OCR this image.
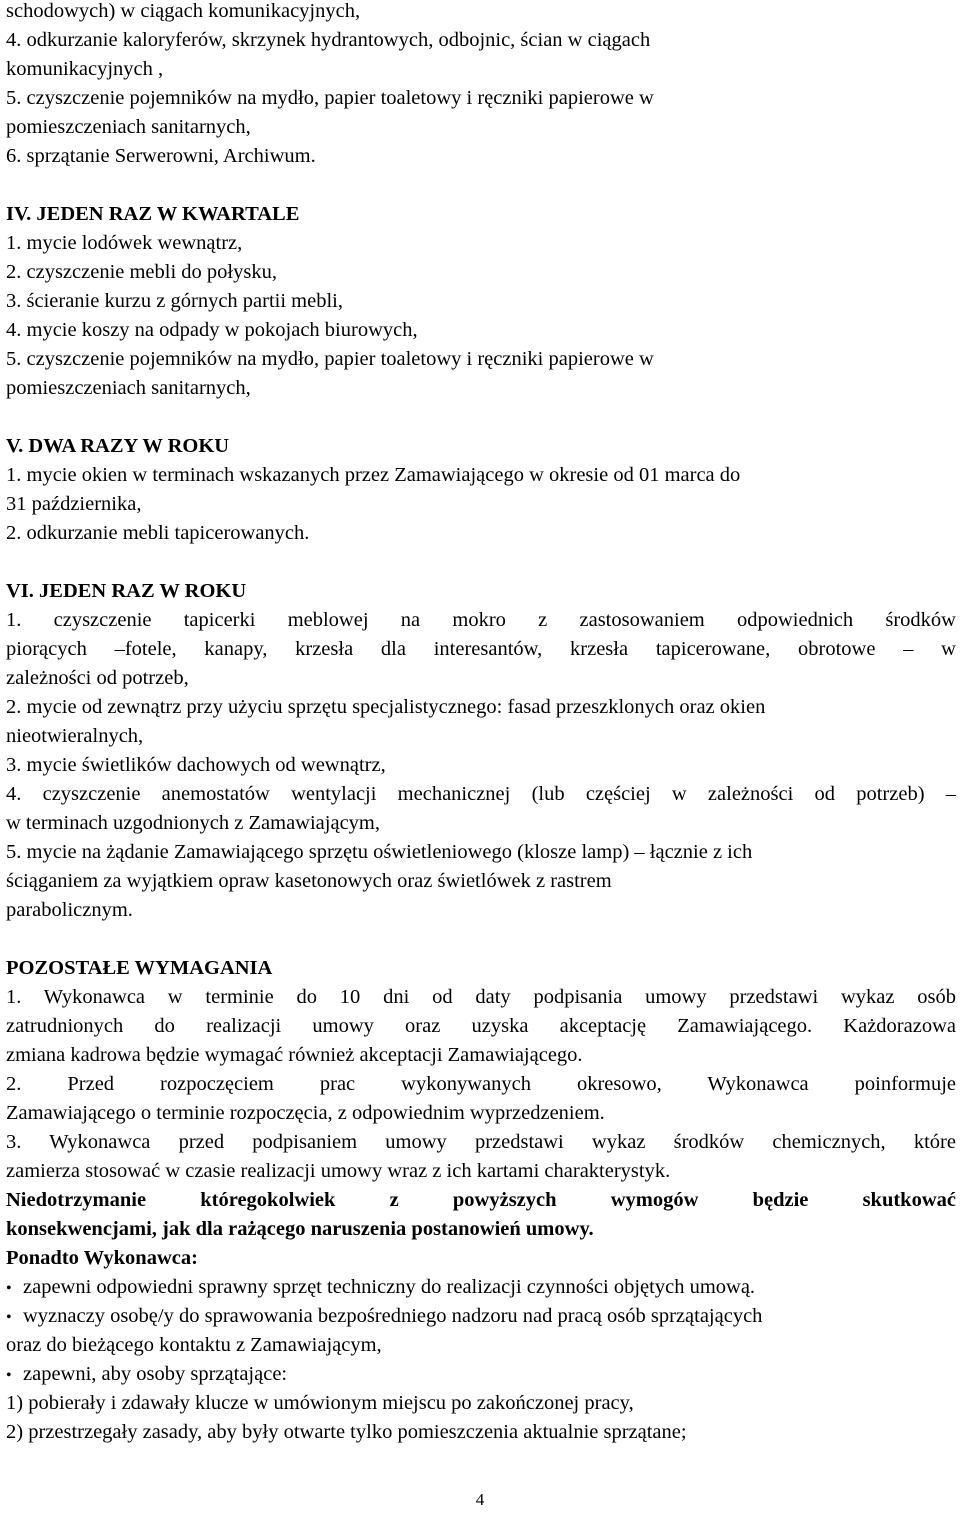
schodowych) w ciągach komunikacyjnych,
4. odkurzanie kaloryferów, skrzynek hydrantowych, odbojnic, ścian w ciągach
komunikacyjnych ,
5. czyszczenie pojemników na mydło, papier toaletowy i ręczniki papierowe w
pomieszczeniach sanitarnych,
6. sprzątanie Serwerowni, Archiwum.
IV. JEDEN RAZ W KWARTALE
1. mycie lodówek wewnątrz,
2. czyszczenie mebli do połysku,
3. ścieranie kurzu z górnych partii mebli,
4. mycie koszy na odpady w pokojach biurowych,
5. czyszczenie pojemników na mydło, papier toaletowy i ręczniki papierowe w
pomieszczeniach sanitarnych,
V. DWA RAZY W ROKU
1. mycie okien w terminach wskazanych przez Zamawiającego w okresie od 01 marca do
31 października,
2. odkurzanie mebli tapicerowanych.
VI. JEDEN RAZ W ROKU
1. czyszczenie tapicerki meblowej na mokro z zastosowaniem odpowiednich środków
piorących –fotele, kanapy, krzesła dla interesantów, krzesła tapicerowane, obrotowe – w
zależności od potrzeb,
2. mycie od zewnątrz przy użyciu sprzętu specjalistycznego: fasad przeszklonych oraz okien
nieotwieralnych,
3. mycie świetlików dachowych od wewnątrz,
4. czyszczenie anemostatów wentylacji mechanicznej (lub częściej w zależności od potrzeb) –
w terminach uzgodnionych z Zamawiającym,
5. mycie na żądanie Zamawiającego sprzętu oświetleniowego (klosze lamp) – łącznie z ich
ściąganiem za wyjątkiem opraw kasetonowych oraz świetlówek z rastrem
parabolicznym.
POZOSTAŁE WYMAGANIA
1. Wykonawca w terminie do 10 dni od daty podpisania umowy przedstawi wykaz osób
zatrudnionych do realizacji umowy oraz uzyska akceptację Zamawiającego. Każdorazowa
zmiana kadrowa będzie wymagać również akceptacji Zamawiającego.
2. Przed rozpoczęciem prac wykonywanych okresowo, Wykonawca poinformuje
Zamawiającego o terminie rozpoczęcia, z odpowiednim wyprzedzeniem.
3. Wykonawca przed podpisaniem umowy przedstawi wykaz środków chemicznych, które
zamierza stosować w czasie realizacji umowy wraz z ich kartami charakterystyk.
Niedotrzymanie któregokolwiek z powyższych wymogów będzie skutkować
konsekwencjami, jak dla rażącego naruszenia postanowień umowy.
Ponadto Wykonawca:
• zapewni odpowiedni sprawny sprzęt techniczny do realizacji czynności objętych umową.
• wyznaczy osobę/y do sprawowania bezpośredniego nadzoru nad pracą osób sprzątających
oraz do bieżącego kontaktu z Zamawiającym,
• zapewni, aby osoby sprzątające:
1) pobierały i zdawały klucze w umówionym miejscu po zakończonej pracy,
2) przestrzegały zasady, aby były otwarte tylko pomieszczenia aktualnie sprzątane;
4
